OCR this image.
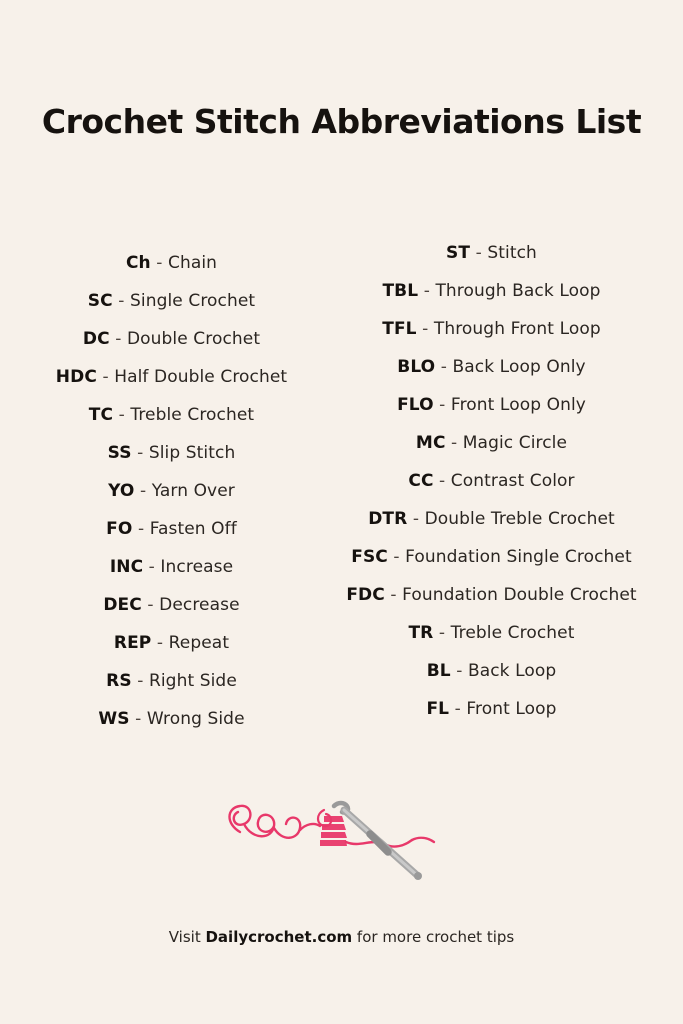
Crochet Stitch Abbreviations List
Ch - Chain
SC - Single Crochet
DC - Double Crochet
HDC - Half Double Crochet
TC - Treble Crochet
SS - Slip Stitch
YO - Yarn Over
FO - Fasten Off
INC - Increase
DEC - Decrease
REP - Repeat
RS - Right Side
WS - Wrong Side
ST - Stitch
TBL - Through Back Loop
TFL - Through Front Loop
BLO - Back Loop Only
FLO - Front Loop Only
MC - Magic Circle
CC - Contrast Color
DTR - Double Treble Crochet
FSC - Foundation Single Crochet
FDC - Foundation Double Crochet
TR - Treble Crochet
BL - Back Loop
FL - Front Loop
Visit Dailycrochet.com for more crochet tips
